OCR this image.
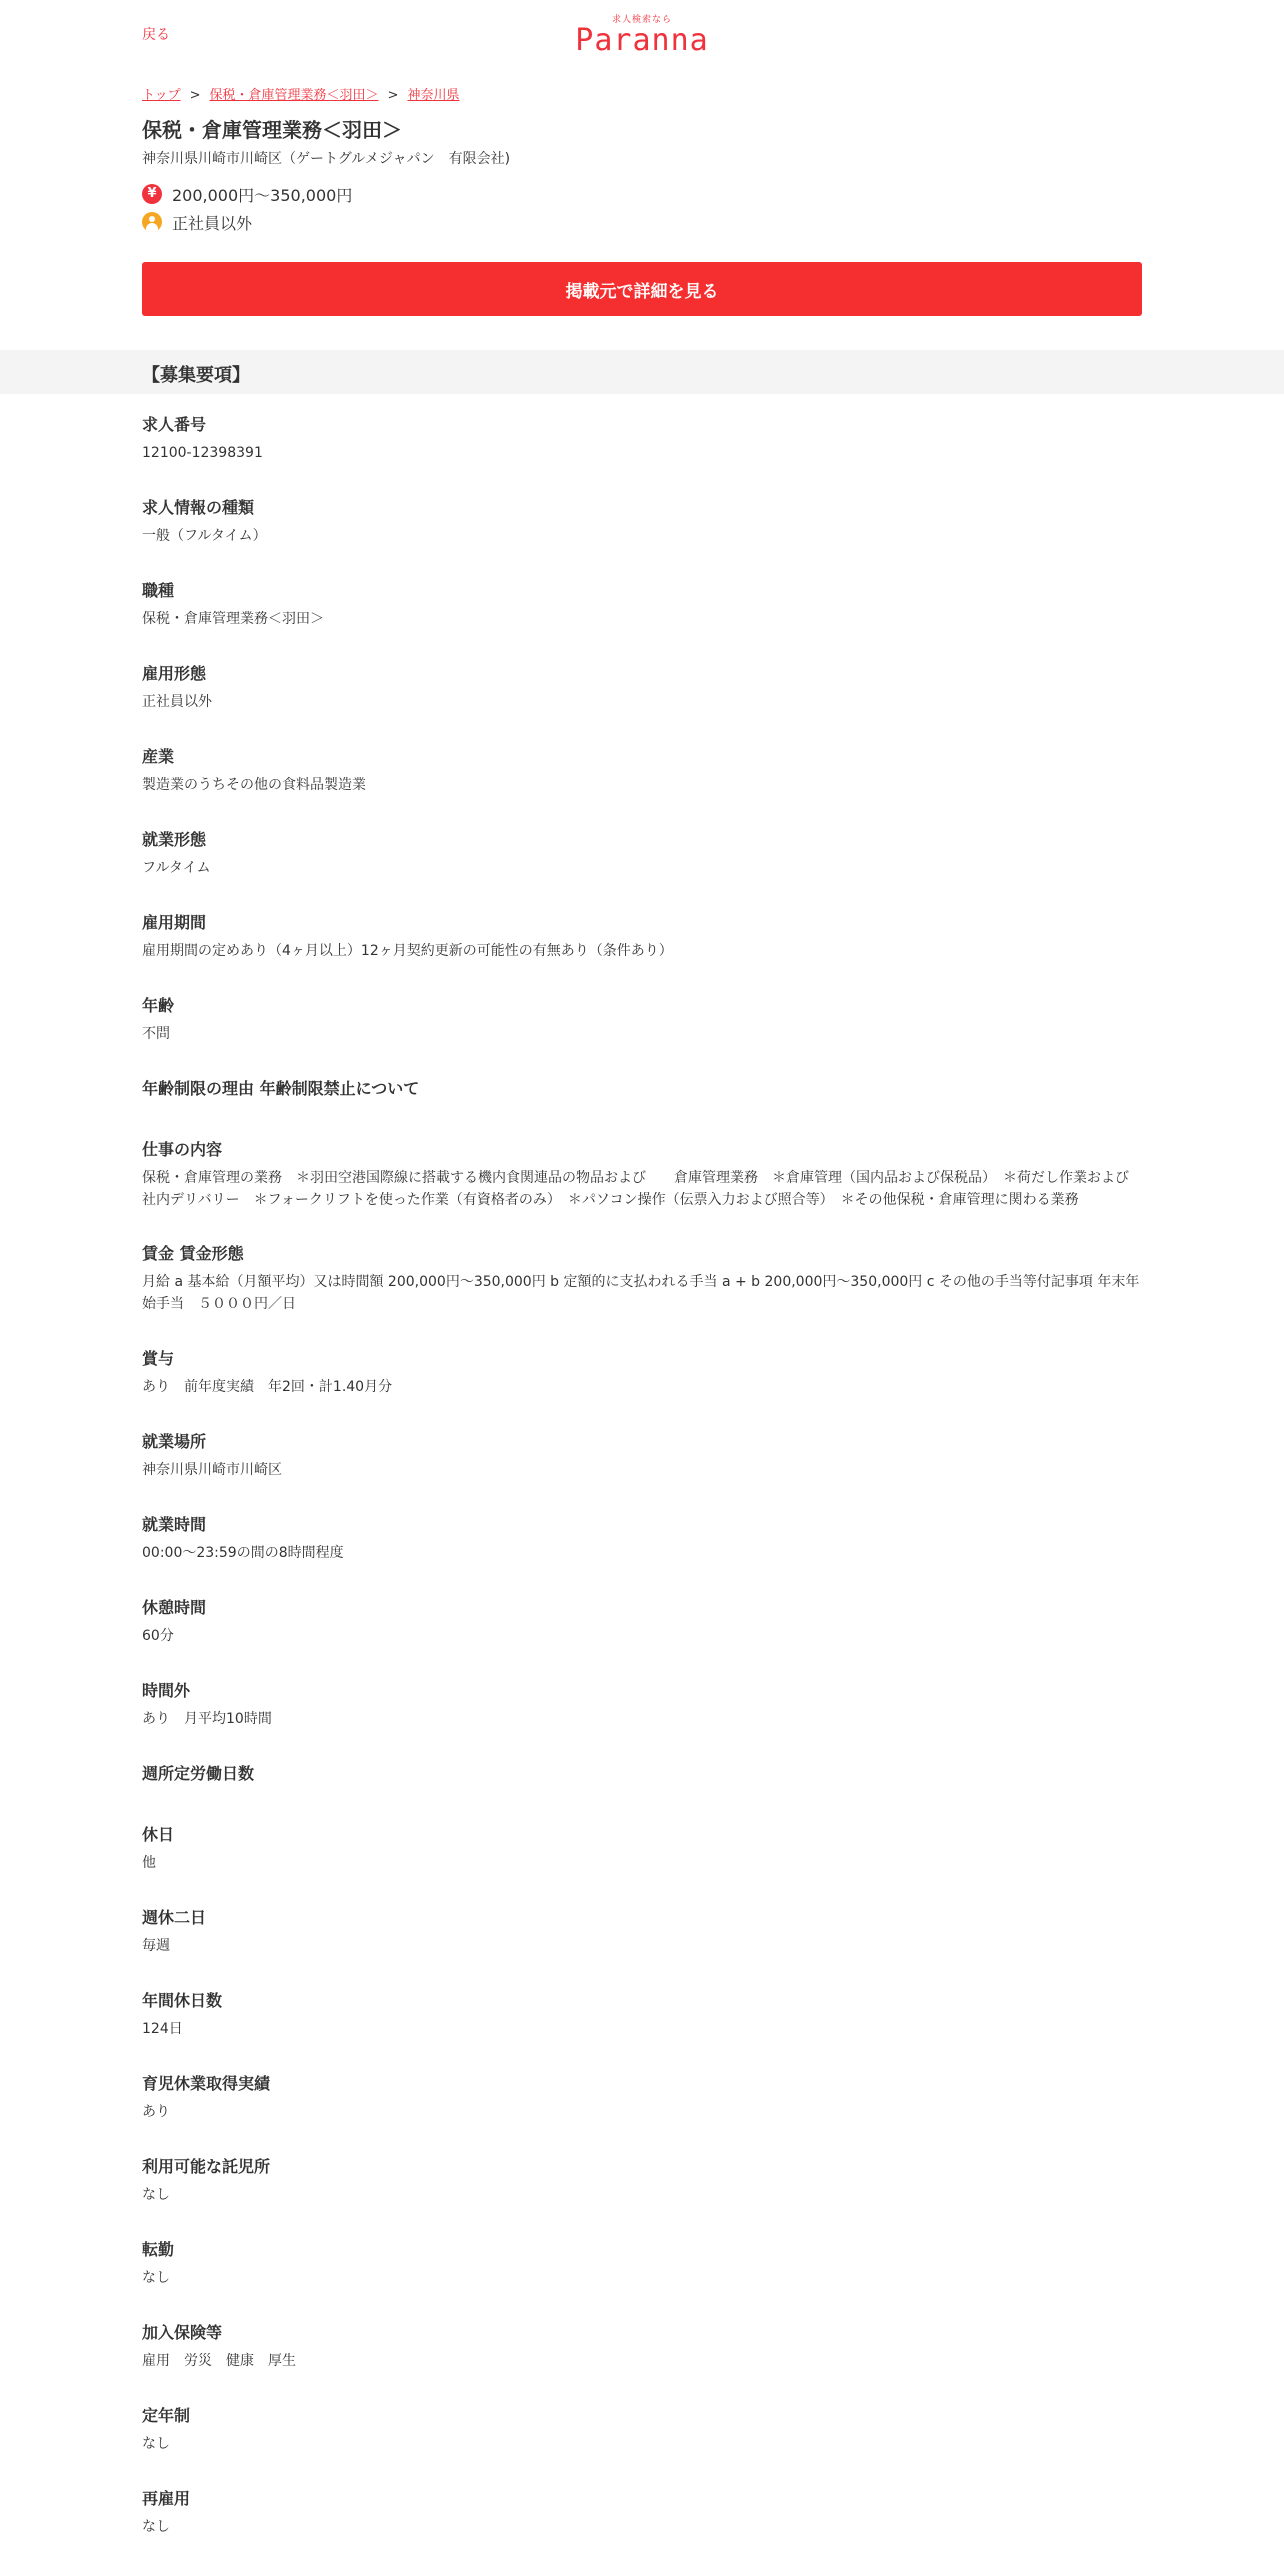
戻る
求人検索なら
Paranna
トップ > 保税・倉庫管理業務＜羽田＞ > 神奈川県
保税・倉庫管理業務＜羽田＞
神奈川県川崎市川崎区（ゲートグルメジャパン　有限会社)
¥ 200,000円～350,000円
正社員以外
掲載元で詳細を見る
【募集要項】
求人番号

12100-12398391

求人情報の種類

一般（フルタイム）

職種

保税・倉庫管理業務＜羽田＞

雇用形態

正社員以外

産業

製造業のうちその他の食料品製造業

就業形態

フルタイム

雇用期間

雇用期間の定めあり（4ヶ月以上）12ヶ月契約更新の可能性の有無あり（条件あり）

年齢

不問

年齢制限の理由 年齢制限禁止について

仕事の内容

保税・倉庫管理の業務　＊羽田空港国際線に搭載する機内食関連品の物品および　　倉庫管理業務　＊倉庫管理（国内品および保税品）　＊荷だし作業および社内デリバリー　＊フォークリフトを使った作業（有資格者のみ）　＊パソコン操作（伝票入力および照合等）　＊その他保税・倉庫管理に関わる業務

賃金 賃金形態

月給 a 基本給（月額平均）又は時間額 200,000円～350,000円 b 定額的に支払われる手当 a + b 200,000円～350,000円 c その他の手当等付記事項 年末年始手当　５０００円／日

賞与

あり　前年度実績　年2回・計1.40月分

就業場所

神奈川県川崎市川崎区

就業時間

00:00～23:59の間の8時間程度

休憩時間

60分

時間外

あり　月平均10時間

週所定労働日数

休日

他

週休二日

毎週

年間休日数

124日

育児休業取得実績

あり

利用可能な託児所

なし

転勤

なし

加入保険等

雇用　労災　健康　厚生

定年制

なし

再雇用

なし
